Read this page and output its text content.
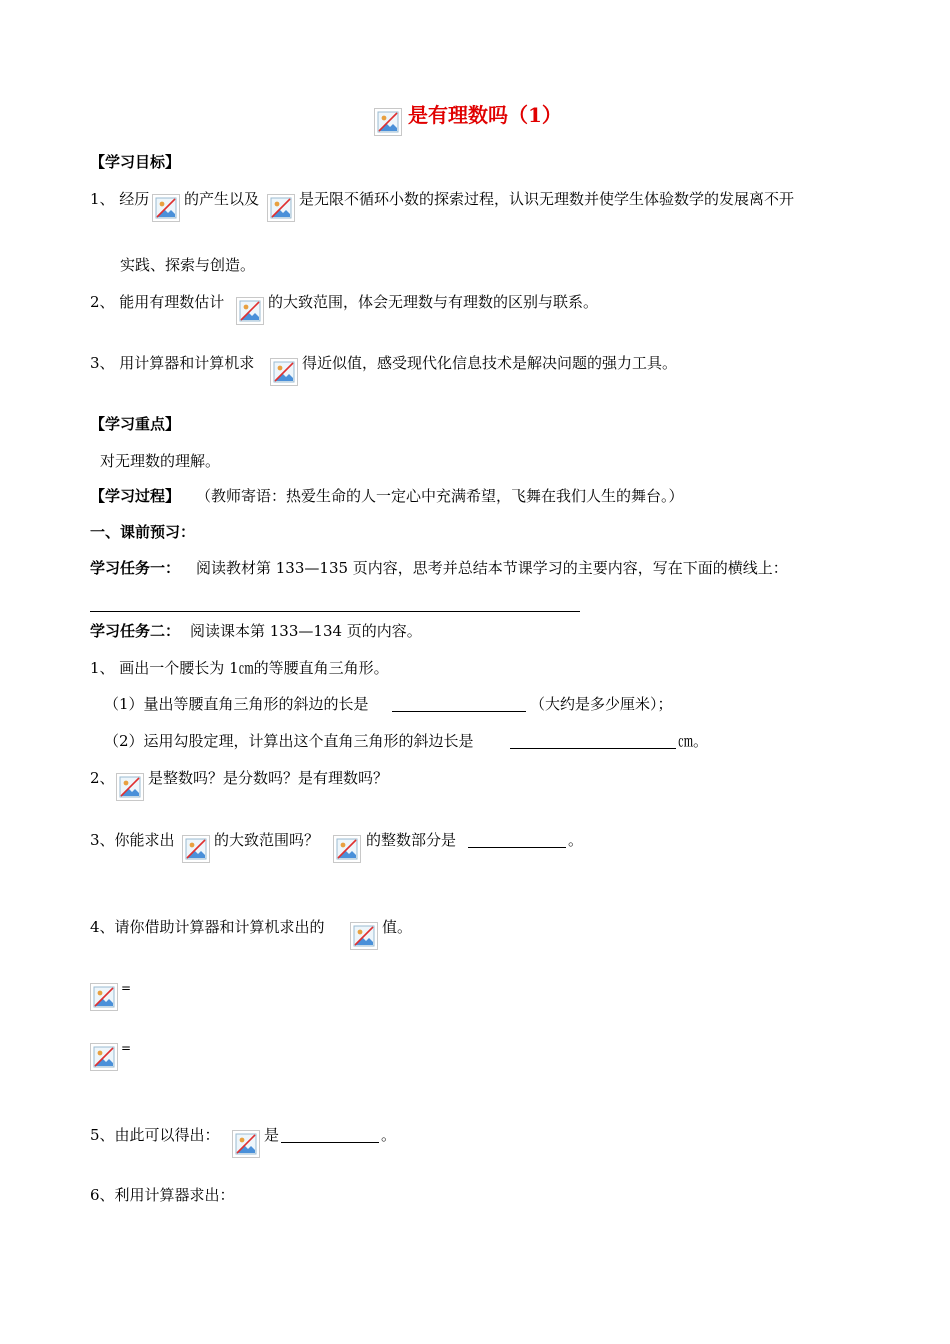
是有理数吗（1）
【学习目标】
1、 经历 的产生以及	是无限不循环小数的探索过程，认识无理数并使学生体验数学的发展离不开
实践、探索与创造。
2、 能用有理数估计	的大致范围，体会无理数与有理数的区别与联系。
3、 用计算器和计算机求	得近似值，感受现代化信息技术是解决问题的强力工具。
【学习重点】
对无理数的理解。
【学习过程】 （教师寄语：热爱生命的人一定心中充满希望，飞舞在我们人生的舞台。）
一、课前预习：
学习任务一： 阅读教材第 133—135 页内容，思考并总结本节课学习的主要内容，写在下面的横线上：
学习任务二： 阅读课本第 133—134 页的内容。
1、 画出一个腰长为 1㎝的等腰直角三角形。
（1）量出等腰直角三角形的斜边的长是	（大约是多少厘米）；
（2）运用勾股定理，计算出这个直角三角形的斜边长是	㎝。
2、 是整数吗？是分数吗？是有理数吗？
3、你能求出	的大致范围吗？	的整数部分是	。
4、请你借助计算器和计算机求出的	值。
=
=
5、由此可以得出：	是	。
6、利用计算器求出：
